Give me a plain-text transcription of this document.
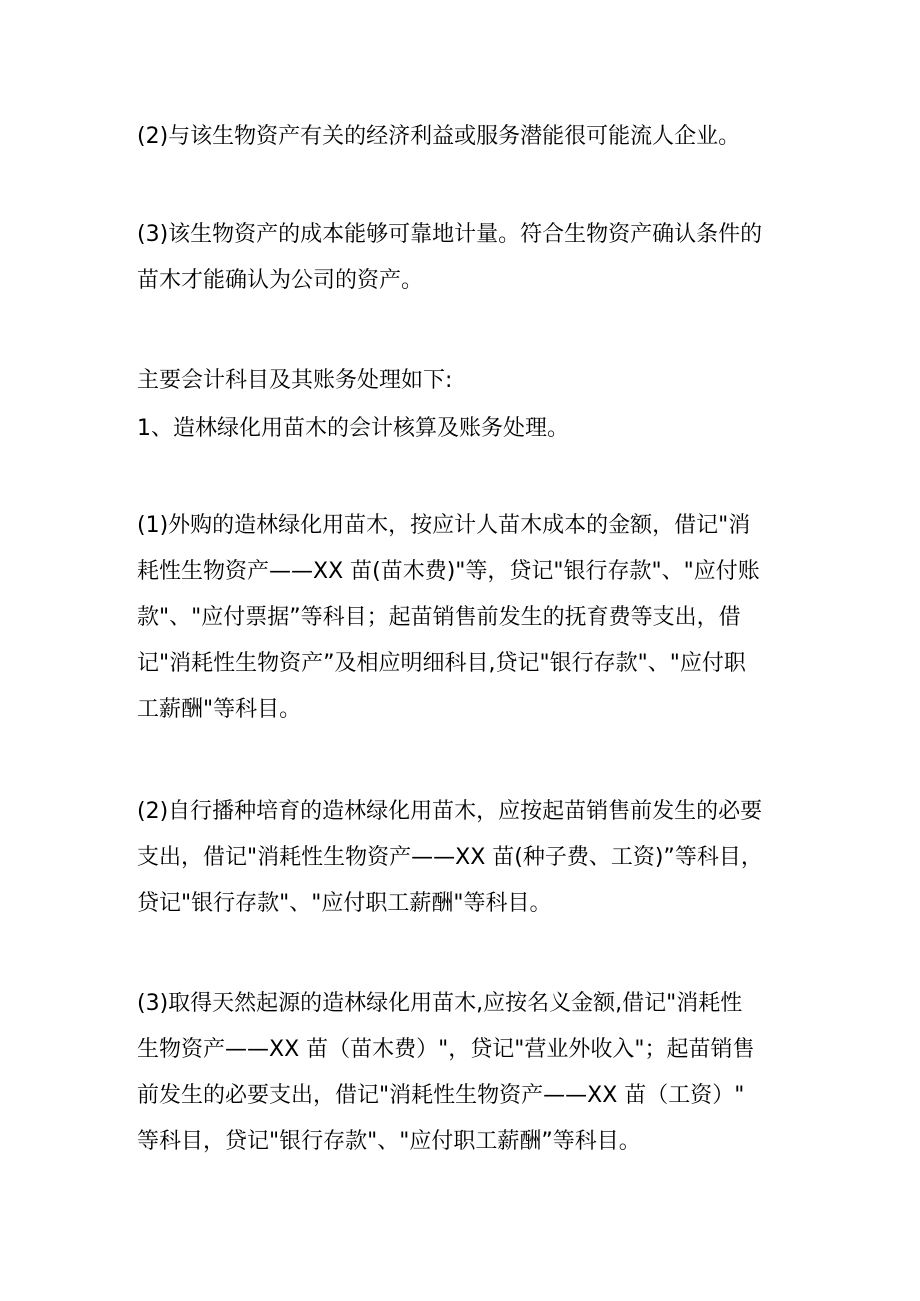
(2)与该生物资产有关的经济利益或服务潜能很可能流人企业。

(3)该生物资产的成本能够可靠地计量。符合生物资产确认条件的
苗木才能确认为公司的资产。

主要会计科目及其账务处理如下:

1、造林绿化用苗木的会计核算及账务处理。

(1)外购的造林绿化用苗木，按应计人苗木成本的金额，借记"消
耗性生物资产——XX 苗(苗木费)"等，贷记"银行存款"、"应付账
款"、"应付票据”等科目；起苗销售前发生的抚育费等支出，借
记"消耗性生物资产”及相应明细科目,贷记"银行存款"、"应付职
工薪酬"等科目。

(2)自行播种培育的造林绿化用苗木，应按起苗销售前发生的必要
支出，借记"消耗性生物资产——XX 苗(种子费、工资)”等科目，
贷记"银行存款"、"应付职工薪酬"等科目。

(3)取得天然起源的造林绿化用苗木,应按名义金额,借记"消耗性
生物资产——XX 苗（苗木费）"，贷记"营业外收入"；起苗销售
前发生的必要支出，借记"消耗性生物资产——XX 苗（工资）"
等科目，贷记"银行存款"、"应付职工薪酬”等科目。
